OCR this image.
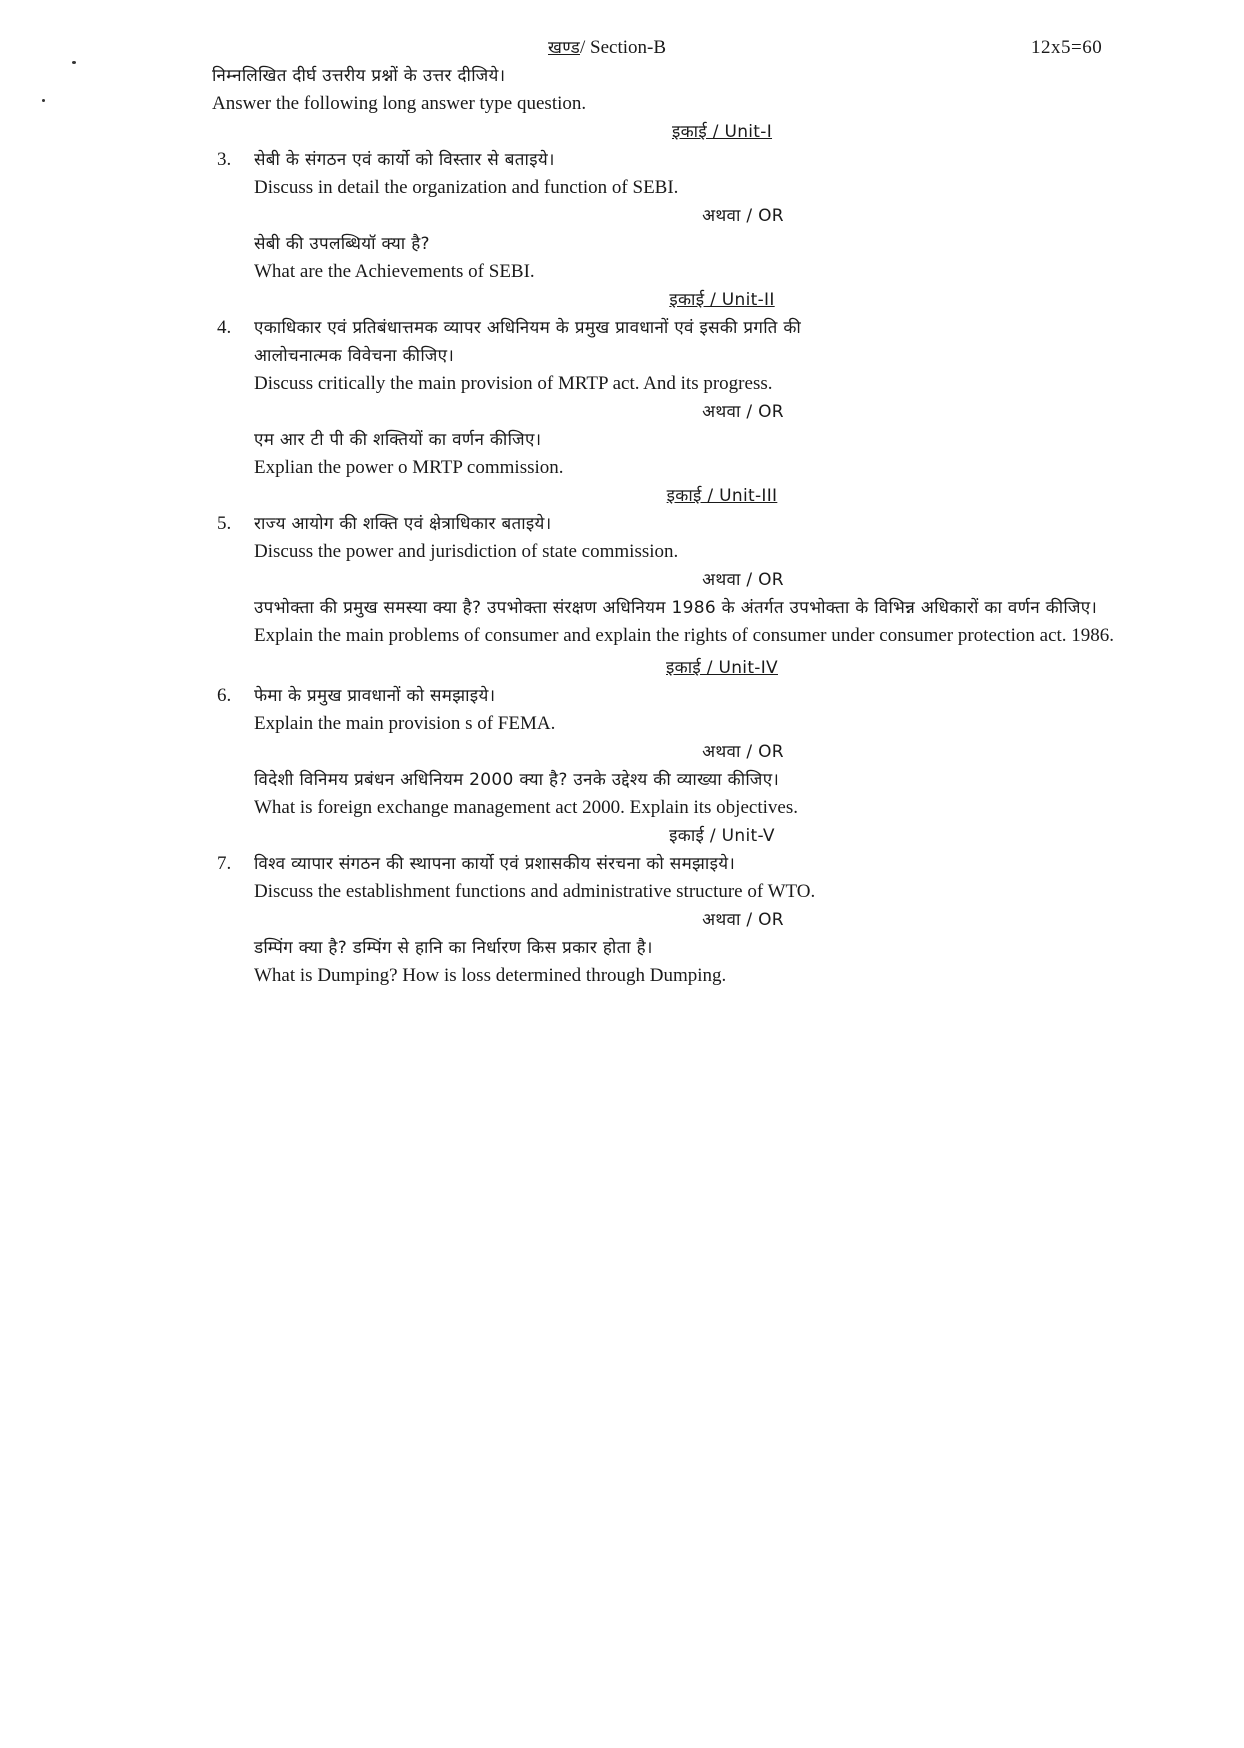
खण्ड/ Section-B	12x5=60
निम्नलिखित दीर्घ उत्तरीय प्रश्नों के उत्तर दीजिये।
Answer the following long answer type question.
इकाई / Unit-I
3. सेबी के संगठन एवं कार्यो को विस्तार से बताइये।
Discuss in detail the organization and function of SEBI.
अथवा / OR
सेबी की उपलब्धियॉ क्या है?
What are the Achievements of SEBI.
इकाई / Unit-II
4. एकाधिकार एवं प्रतिबंधात्तमक व्यापर अधिनियम के प्रमुख प्रावधानों एवं इसकी प्रगति की
आलोचनात्मक विवेचना कीजिए।
Discuss critically the main provision of MRTP act. And its progress.
अथवा / OR
एम आर टी पी की शक्तियों का वर्णन कीजिए।
Explian the power o MRTP commission.
इकाई / Unit-III
5. राज्य आयोग की शक्ति एवं क्षेत्राधिकार बताइये।
Discuss the power and jurisdiction of state commission.
अथवा / OR
उपभोक्ता की प्रमुख समस्या क्या है? उपभोक्ता संरक्षण अधिनियम 1986 के अंतर्गत उपभोक्ता के विभिन्न अधिकारों का वर्णन कीजिए।
Explain the main problems of consumer and explain the rights of consumer under consumer protection act. 1986.
इकाई / Unit-IV
6. फेमा के प्रमुख प्रावधानों को समझाइये।
Explain the main provision s of FEMA.
अथवा / OR
विदेशी विनिमय प्रबंधन अधिनियम 2000 क्या है? उनके उद्देश्य की व्याख्या कीजिए।
What is foreign exchange management act 2000. Explain its objectives.
इकाई / Unit-V
7. विश्व व्यापार संगठन की स्थापना कार्यो एवं प्रशासकीय संरचना को समझाइये।
Discuss the establishment functions and administrative structure of WTO.
अथवा / OR
डम्पिंग क्या है? डम्पिंग से हानि का निर्धारण किस प्रकार होता है।
What is Dumping? How is loss determined through Dumping.
